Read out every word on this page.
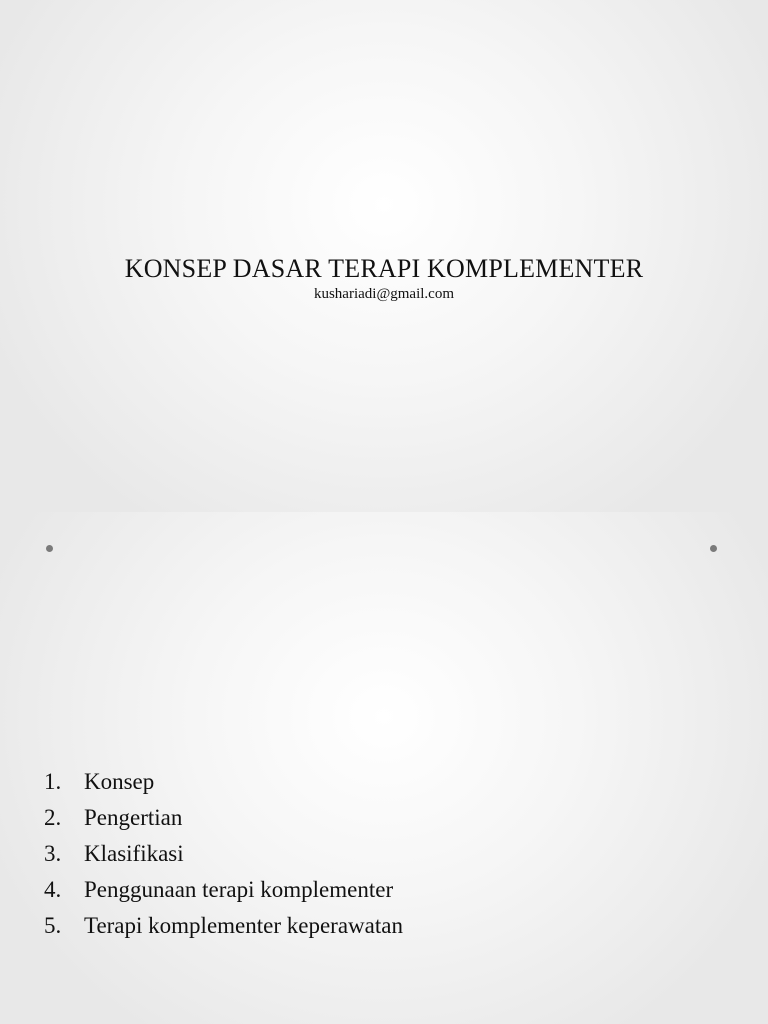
KONSEP DASAR TERAPI KOMPLEMENTER
kushariadi@gmail.com
1. Konsep
2. Pengertian
3. Klasifikasi
4. Penggunaan terapi komplementer
5. Terapi komplementer keperawatan
